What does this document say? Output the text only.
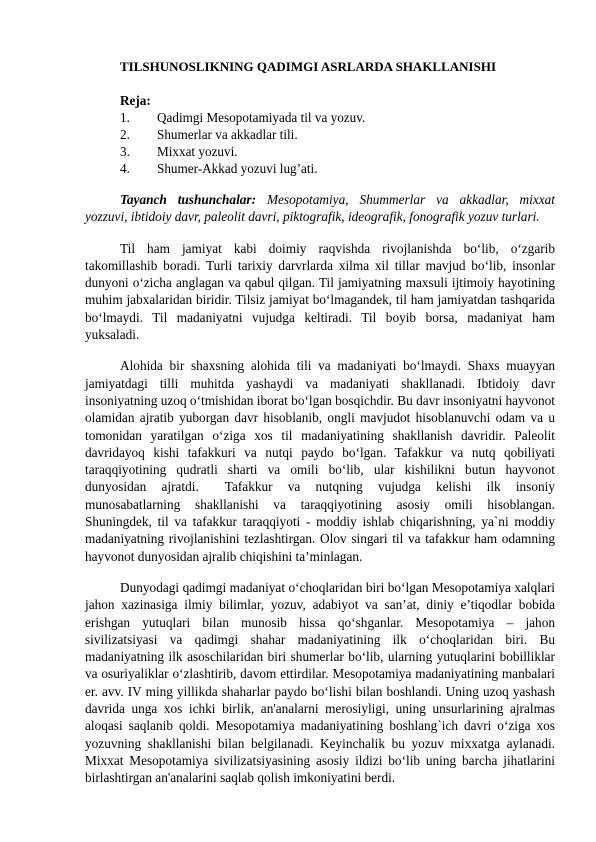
TILSHUNOSLIKNING QADIMGI ASRLARDA SHAKLLANISHI
Reja:
1. Qadimgi Mesopotamiyada til va yozuv.
2. Shumerlar va akkadlar tili.
3. Mixxat yozuvi.
4. Shumer-Akkad yozuvi lug’ati.

Tayanch tushunchalar: Mesopotamiya, Shummerlar va akkadlar, mixxat yozzuvi, ibtidoiy davr, paleolit davri, piktografik, ideografik, fonografik yozuv turlari.

Til ham jamiyat kabi doimiy raqvishda rivojlanishda bo‘lib, o‘zgarib takomillashib boradi. Turli tarixiy darvrlarda xilma xil tillar mavjud bo‘lib, insonlar dunyoni o‘zicha anglagan va qabul qilgan. Til jamiyatning maxsuli ijtimoiy hayotining muhim jabxalaridan biridir. Tilsiz jamiyat bo‘lmagandek, til ham jamiyatdan tashqarida bo‘lmaydi. Til madaniyatni vujudga keltiradi. Til boyib borsa, madaniyat ham yuksaladi.

Alohida bir shaxsning alohida tili va madaniyati bo‘lmaydi. Shaxs muayyan jamiyatdagi tilli muhitda yashaydi va madaniyati shakllanadi. Ibtidoiy davr insoniyatning uzoq o‘tmishidan iborat bo‘lgan bosqichdir. Bu davr insoniyatni hayvonot olamidan ajratib yuborgan davr hisoblanib, ongli mavjudot hisoblanuvchi odam va u tomonidan yaratilgan o‘ziga xos til madaniyatining shakllanish davridir. Paleolit davridayoq kishi tafakkuri va nutqi paydo bo‘lgan. Tafakkur va nutq qobiliyati taraqqiyotining qudratli sharti va omili bo‘lib, ular kishilikni butun hayvonot dunyosidan ajratdi. Tafakkur va nutqning vujudga kelishi ilk insoniy munosabatlarning shakllanishi va taraqqiyotining asosiy omili hisoblangan. Shuningdek, til va tafakkur taraqqiyoti - moddiy ishlab chiqarishning, ya`ni moddiy madaniyatning rivojlanishini tezlashtirgan. Olov singari til va tafakkur ham odamning hayvonot dunyosidan ajralib chiqishini ta’minlagan.

Dunyodagi qadimgi madaniyat o‘choqlaridan biri bo‘lgan Mesopotamiya xalqlari jahon xazinasiga ilmiy bilimlar, yozuv, adabiyot va san’at, diniy e’tiqodlar bobida erishgan yutuqlari bilan munosib hissa qo‘shganlar. Mesopotamiya – jahon sivilizatsiyasi va qadimgi shahar madaniyatining ilk o‘choqlaridan biri. Bu madaniyatning ilk asoschilaridan biri shumerlar bo‘lib, ularning yutuqlarini bobilliklar va osuriyaliklar o‘zlashtirib, davom ettirdilar. Mesopotamiya madaniyatining manbalari er. avv. IV ming yillikda shaharlar paydo bo‘lishi bilan boshlandi. Uning uzoq yashash davrida unga xos ichki birlik, an'analarni merosiyligi, uning unsurlarining ajralmas aloqasi saqlanib qoldi. Mesopotamiya madaniyatining boshlang`ich davri o‘ziga xos yozuvning shakllanishi bilan belgilanadi. Keyinchalik bu yozuv mixxatga aylanadi. Mixxat Mesopotamiya sivilizatsiyasining asosiy ildizi bo‘lib uning barcha jihatlarini birlashtirgan an'analarini saqlab qolish imkoniyatini berdi.
